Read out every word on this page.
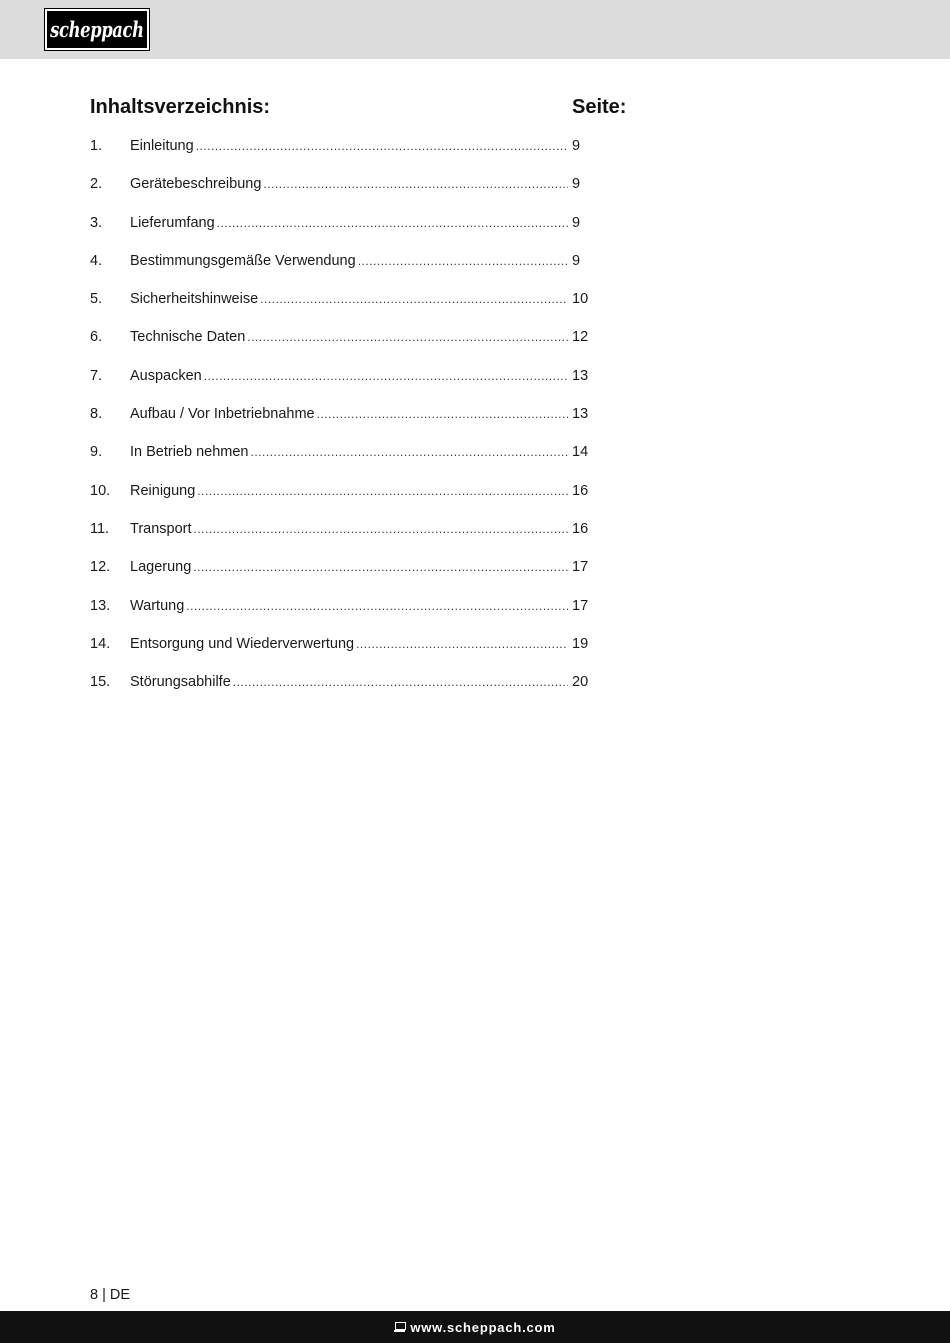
scheppach
Inhaltsverzeichnis:	Seite:
1.	Einleitung .....	9
2.	Gerätebeschreibung .....	9
3.	Lieferumfang .....	9
4.	Bestimmungsgemäße Verwendung .....	9
5.	Sicherheitshinweise .....	10
6.	Technische Daten .....	12
7.	Auspacken .....	13
8.	Aufbau / Vor Inbetriebnahme .....	13
9.	In Betrieb nehmen .....	14
10.	Reinigung .....	16
11.	Transport .....	16
12.	Lagerung .....	17
13.	Wartung .....	17
14.	Entsorgung und Wiederverwertung .....	19
15.	Störungsabhilfe .....	20
8 | DE
www.scheppach.com
